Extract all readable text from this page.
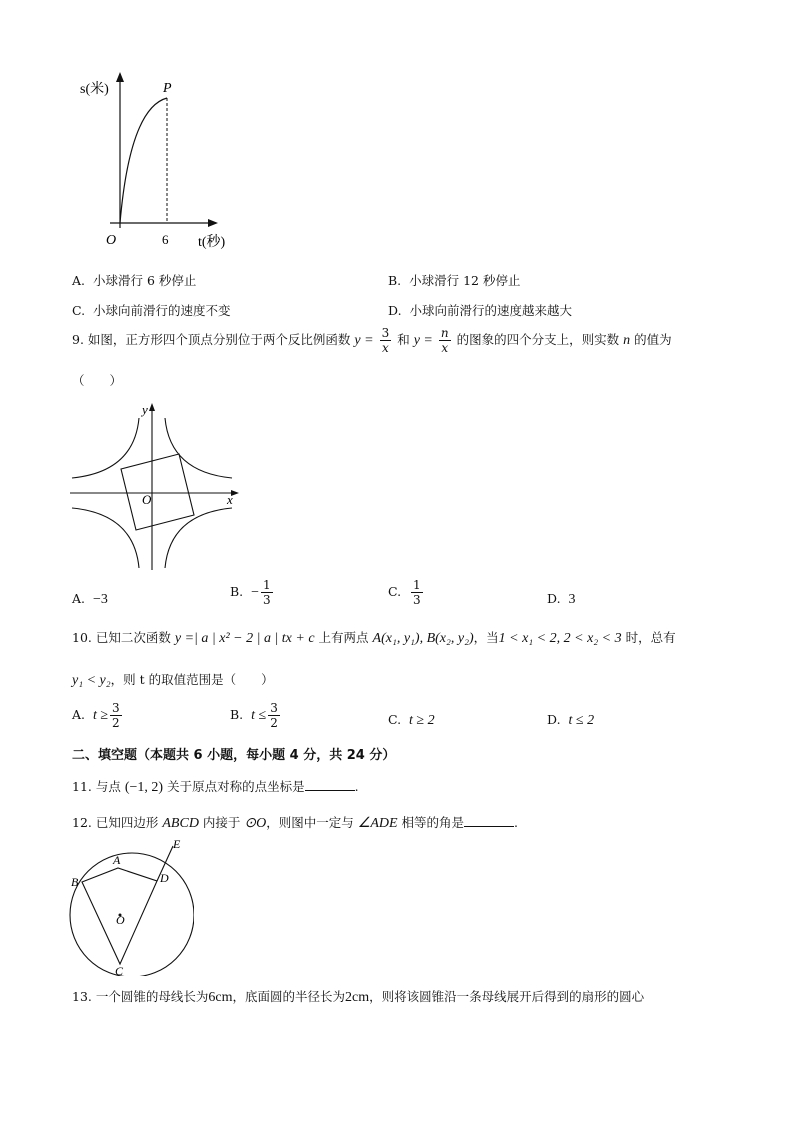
s(米)	P
O	6 t(秒)
A. 小球滑行 6 秒停止	B. 小球滑行 12 秒停止
C. 小球向前滑行的速度不变	D. 小球向前滑行的速度越来越大
9. 如图，正方形四个顶点分别位于两个反比例函数 $y = \frac{3}{x}$ 和 $y = \frac{n}{x}$ 的图象的四个分支上，则实数 n 的值为
（　　）
y
O	x
A. −3
B. − $\frac{1}{3}$	C. $\frac{1}{3}$	D. 3
10. 已知二次函数 y =| a | x² − 2 | a | tx + c 上有两点 A(x₁, y₁), B(x₂, y₂)，当1 < x₁ < 2, 2 < x₂ < 3 时，总有
y₁ < y₂，则 t 的取值范围是（　　）
A. $t \ge \frac{3}{2}$	B. $t \le \frac{3}{2}$	C. t ≥ 2	D. t ≤ 2
二、填空题（本题共 6 小题，每小题 4 分，共 24 分）
11. 与点 (−1, 2) 关于原点对称的点坐标是	.
12. 已知四边形 ABCD 内接于 ⊙O，则图中一定与 ∠ADE 相等的角是	.
A
B	D
E
O
C
13. 一个圆锥的母线长为6cm，底面圆的半径长为2cm，则将该圆锥沿一条母线展开后得到的扇形的圆心
